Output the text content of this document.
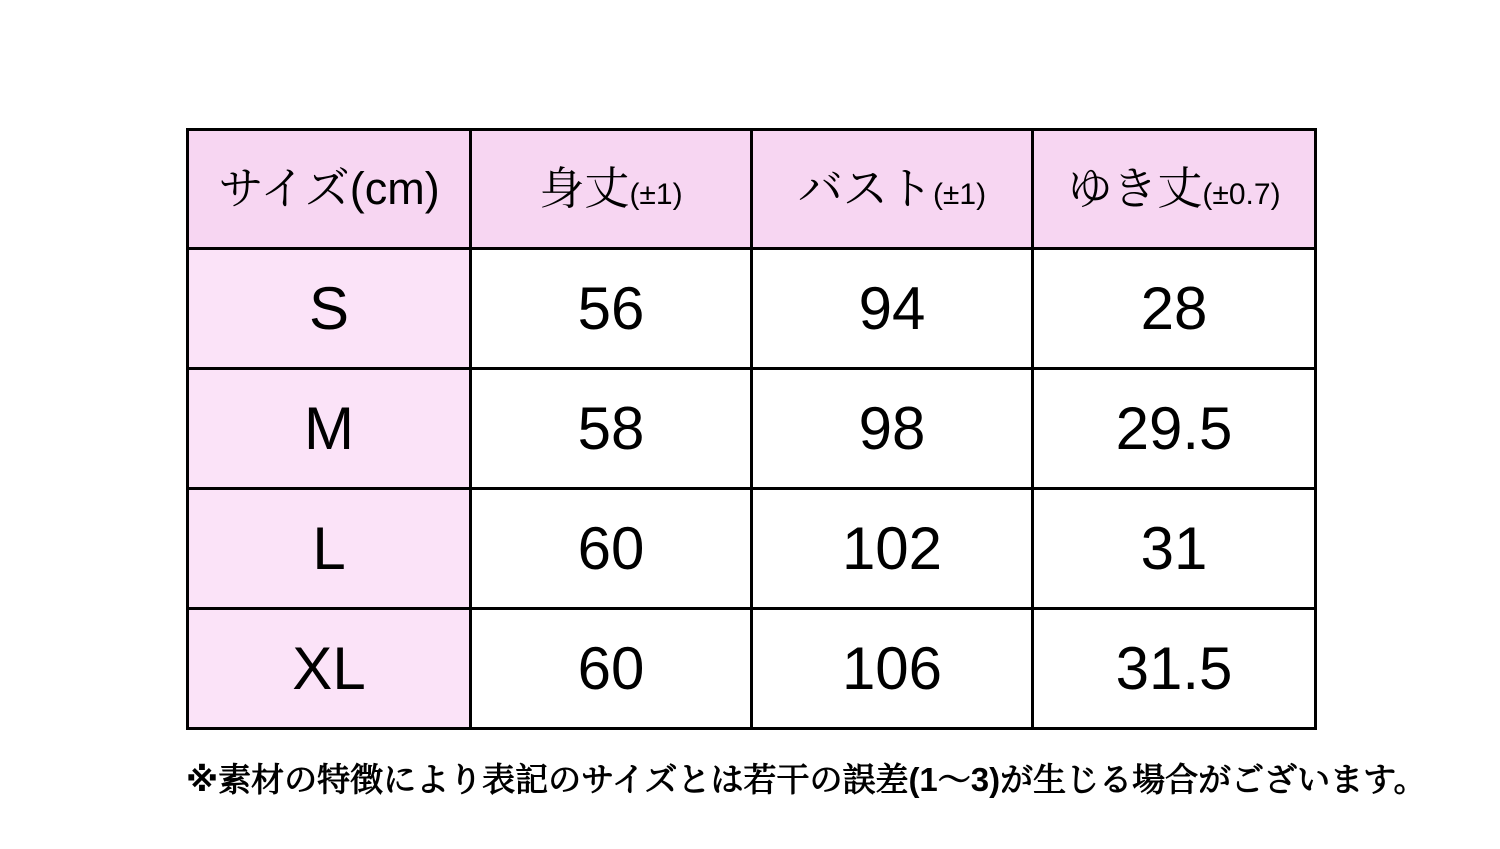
サイズ(cm)	身丈(±1)	バスト(±1)	ゆき丈(±0.7)
S	56	94	28
M	58	98	29.5
L	60	102	31
XL	60	106	31.5
※素材の特徴により表記のサイズとは若干の誤差(1〜3)が生じる場合がございます。
